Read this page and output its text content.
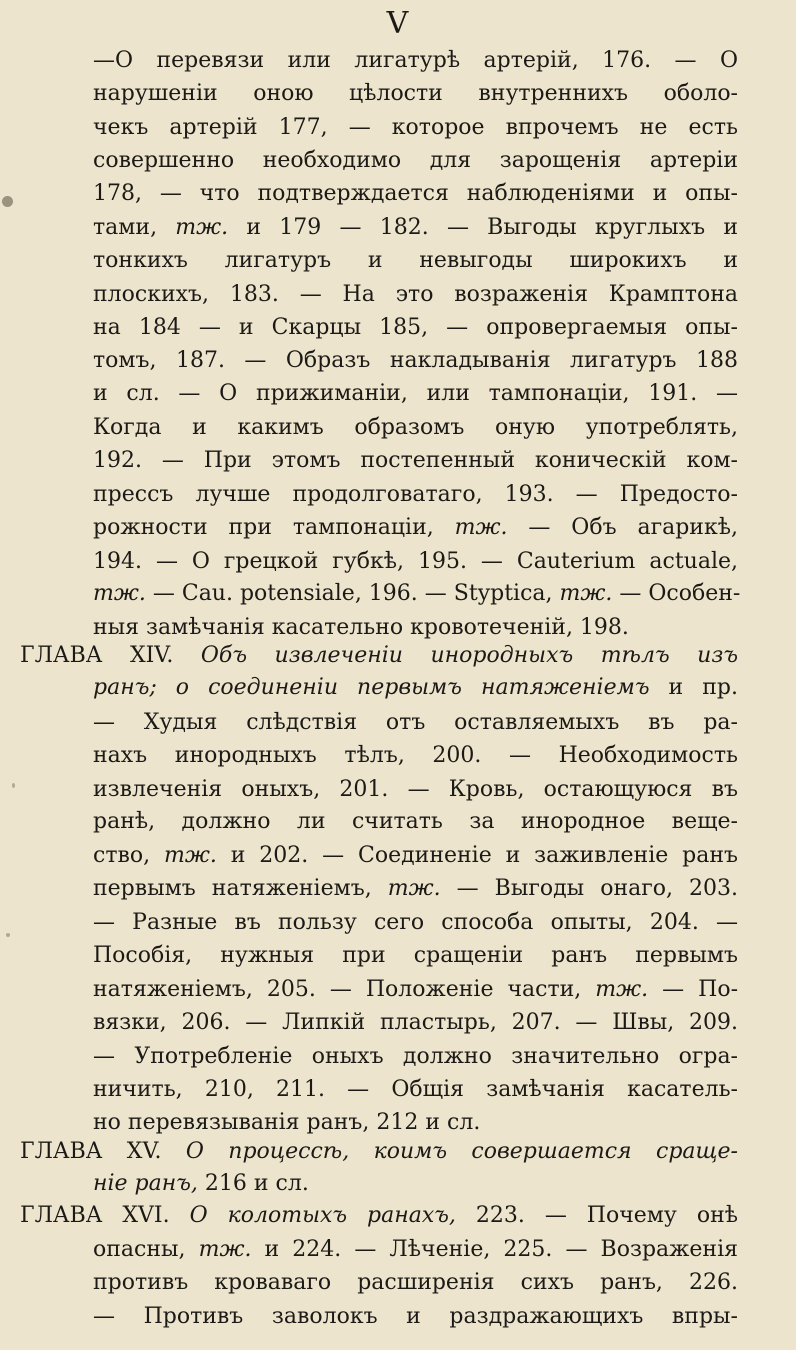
V
—О перевязи или лигатурѣ артерій, 176. — О
нарушеніи оною цѣлости внутреннихъ оболо-
чекъ артерій 177, — которое впрочемъ не есть
совершенно необходимо для зарощенія артеріи
178, — что подтверждается наблюденіями и опы-
тами, тж. и 179 — 182. — Выгоды круглыхъ и
тонкихъ лигатуръ и невыгоды широкихъ и
плоскихъ, 183. — На это возраженія Крамптона
на 184 — и Скарцы 185, — опровергаемыя опы-
томъ, 187. — Образъ накладыванія лигатуръ 188
и сл. — О прижиманіи, или тампонаціи, 191. —
Когда и какимъ образомъ оную употреблять,
192. — При этомъ постепенный коническій ком-
прессъ лучше продолговатаго, 193. — Предосто-
рожности при тампонаціи, тж. — Объ агарикѣ,
194. — О грецкой губкѣ, 195. — Cauterium actuale,
тж. — Cau. potensiale, 196. — Styptica, тж. — Особен-
ныя замѣчанія касательно кровотеченій, 198.
ГЛАВА XIV. Объ извлеченіи инородныхъ тѣлъ изъ
ранъ; о соединеніи первымъ натяженіемъ и пр.
— Худыя слѣдствія отъ оставляемыхъ въ ра-
нахъ инородныхъ тѣлъ, 200. — Необходимость
извлеченія оныхъ, 201. — Кровь, остающуюся въ
ранѣ, должно ли считать за инородное веще-
ство, тж. и 202. — Соединеніе и заживленіе ранъ
первымъ натяженіемъ, тж. — Выгоды онаго, 203.
— Разные въ пользу сего способа опыты, 204. —
Пособія, нужныя при сращеніи ранъ первымъ
натяженіемъ, 205. — Положеніе части, тж. — По-
вязки, 206. — Липкій пластырь, 207. — Швы, 209.
— Употребленіе оныхъ должно значительно огра-
ничить, 210, 211. — Общія замѣчанія касатель-
но перевязыванія ранъ, 212 и сл.
ГЛАВА XV. О процессѣ, коимъ совершается сраще-
ніе ранъ, 216 и сл.
ГЛАВА XVI. О колотыхъ ранахъ, 223. — Почему онѣ
опасны, тж. и 224. — Лѣченіе, 225. — Возраженія
противъ кроваваго расширенія сихъ ранъ, 226.
— Противъ заволокъ и раздражающихъ впры-
